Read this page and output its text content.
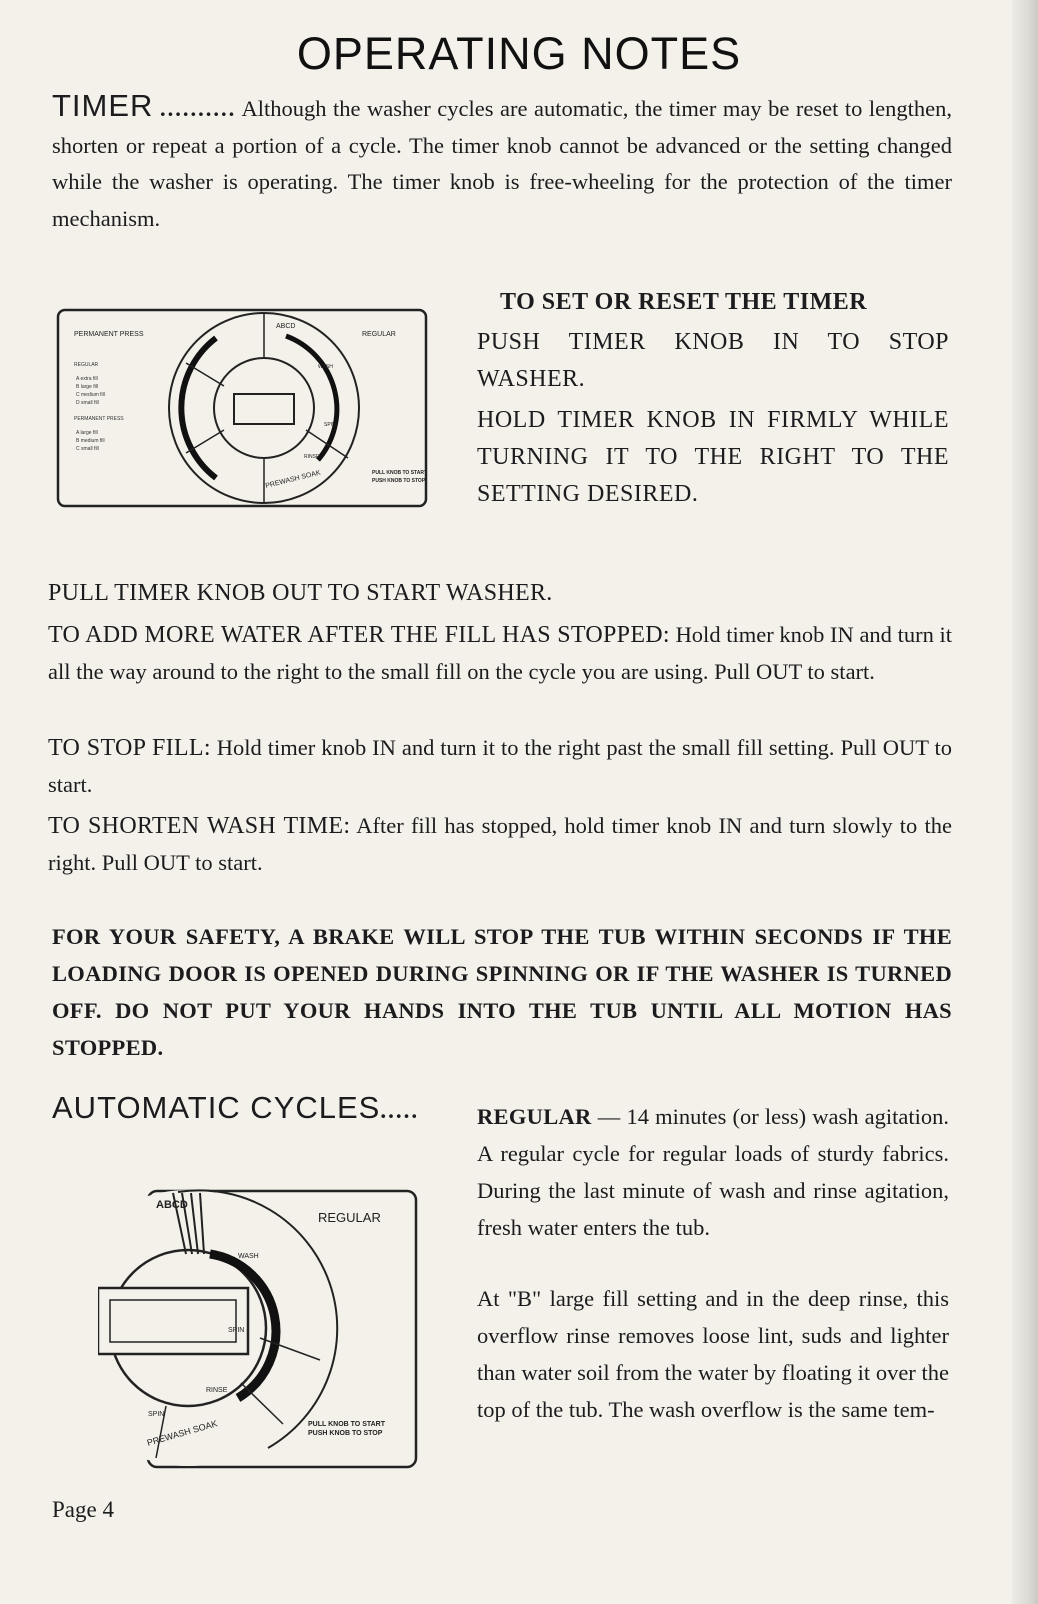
OPERATING NOTES
TIMER .......... Although the washer cycles are automatic, the timer may be reset to lengthen, shorten or repeat a portion of a cycle. The timer knob cannot be advanced or the setting changed while the washer is operating. The timer knob is free-wheeling for the protection of the timer mechanism.
PERMANENT PRESS	REGULAR
REGULAR
A extra fill
B large fill
C medium fill
D small fill
PERMANENT PRESS
A large fill
B medium fill
C small fill
ABCD
WASH
SPIN
RINSE
PREWASH SOAK	PULL KNOB TO START
PUSH KNOB TO STOP
TO SET OR RESET THE TIMER
PUSH TIMER KNOB IN TO STOP WASHER.
HOLD TIMER KNOB IN FIRMLY WHILE TURNING IT TO THE RIGHT TO THE SETTING DESIRED.
PULL TIMER KNOB OUT TO START WASHER.
TO ADD MORE WATER AFTER THE FILL HAS STOPPED: Hold timer knob IN and turn it all the way around to the right to the small fill on the cycle you are using. Pull OUT to start.
TO STOP FILL: Hold timer knob IN and turn it to the right past the small fill setting. Pull OUT to start.
TO SHORTEN WASH TIME: After fill has stopped, hold timer knob IN and turn slowly to the right. Pull OUT to start.
FOR YOUR SAFETY, A BRAKE WILL STOP THE TUB WITHIN SECONDS IF THE LOADING DOOR IS OPENED DURING SPINNING OR IF THE WASHER IS TURNED OFF. DO NOT PUT YOUR HANDS INTO THE TUB UNTIL ALL MOTION HAS STOPPED.
AUTOMATIC CYCLES.....	REGULAR — 14 minutes (or less) wash agitation. A regular cycle for regular loads of sturdy fabrics. During the last minute of wash and rinse agitation, fresh water enters the tub.
At "B" large fill setting and in the deep rinse, this overflow rinse removes loose lint, suds and lighter than water soil from the water by floating it over the top of the tub. The wash overflow is the same tem-
ABCD
REGULAR
WASH
SPIN
RINSE
SPIN
PREWASH SOAK	PULL KNOB TO START
PUSH KNOB TO STOP
Page 4
